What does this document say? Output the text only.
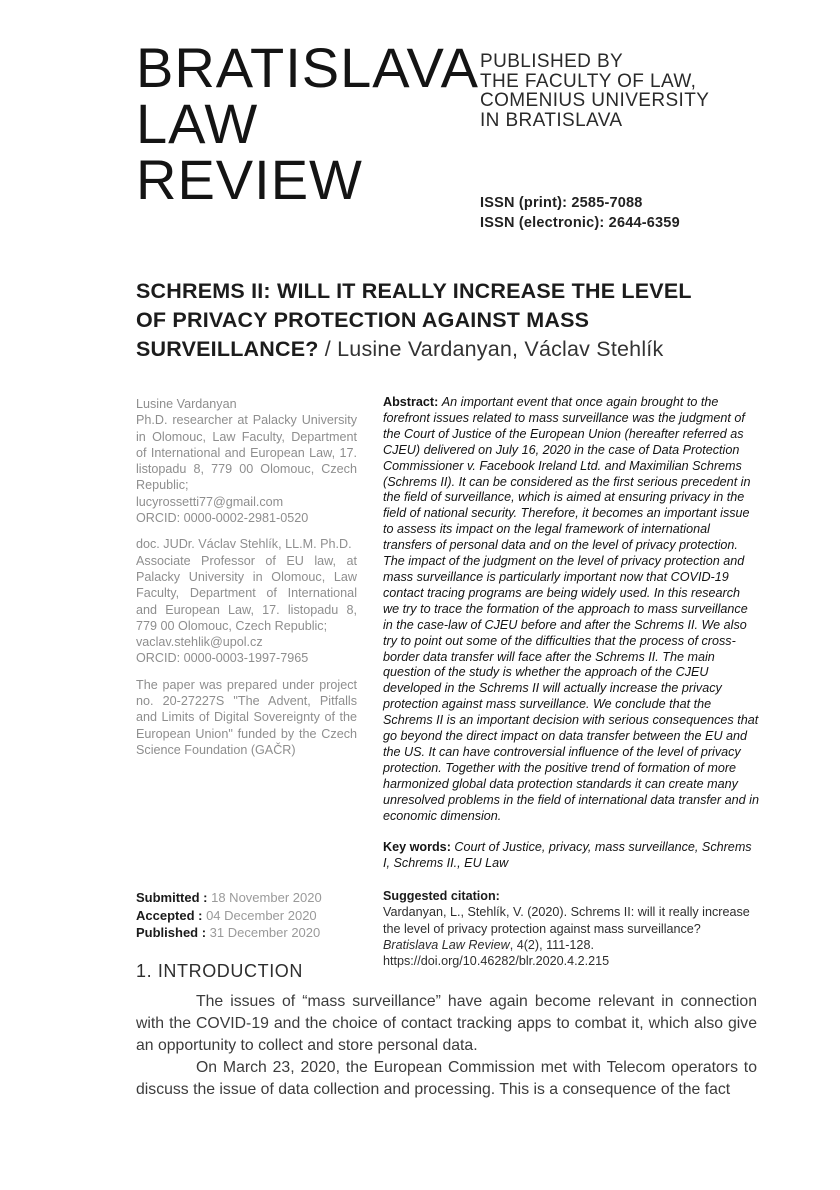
BRATISLAVA
LAW
REVIEW
PUBLISHED BY
THE FACULTY OF LAW,
COMENIUS UNIVERSITY
IN BRATISLAVA
ISSN (print): 2585-7088
ISSN (electronic): 2644-6359
SCHREMS II: WILL IT REALLY INCREASE THE LEVEL
OF PRIVACY PROTECTION AGAINST MASS
SURVEILLANCE? / Lusine Vardanyan, Václav Stehlík
Lusine Vardanyan
Ph.D. researcher at Palacky University in Olomouc, Law Faculty, Department of International and European Law, 17. listopadu 8, 779 00 Olomouc, Czech Republic;
lucyrossetti77@gmail.com
ORCID: 0000-0002-2981-0520
doc. JUDr. Václav Stehlík, LL.M. Ph.D.
Associate Professor of EU law, at Palacky University in Olomouc, Law Faculty, Department of International and European Law, 17. listopadu 8, 779 00 Olomouc, Czech Republic;
vaclav.stehlik@upol.cz
ORCID: 0000-0003-1997-7965
The paper was prepared under project no. 20-27227S "The Advent, Pitfalls and Limits of Digital Sovereignty of the European Union" funded by the Czech Science Foundation (GAČR)
Submitted : 18 November 2020
Accepted : 04 December 2020
Published : 31 December 2020

Abstract: An important event that once again brought to the forefront issues related to mass surveillance was the judgment of the Court of Justice of the European Union (hereafter referred as CJEU) delivered on July 16, 2020 in the case of Data Protection Commissioner v. Facebook Ireland Ltd. and Maximilian Schrems (Schrems II). It can be considered as the first serious precedent in the field of surveillance, which is aimed at ensuring privacy in the field of national security. Therefore, it becomes an important issue to assess its impact on the legal framework of international transfers of personal data and on the level of privacy protection. The impact of the judgment on the level of privacy protection and mass surveillance is particularly important now that COVID-19 contact tracing programs are being widely used. In this research we try to trace the formation of the approach to mass surveillance in the case-law of CJEU before and after the Schrems II. We also try to point out some of the difficulties that the process of cross-border data transfer will face after the Schrems II. The main question of the study is whether the approach of the CJEU developed in the Schrems II will actually increase the privacy protection against mass surveillance. We conclude that the Schrems II is an important decision with serious consequences that go beyond the direct impact on data transfer between the EU and the US. It can have controversial influence of the level of privacy protection. Together with the positive trend of formation of more harmonized global data protection standards it can create many unresolved problems in the field of international data transfer and in economic dimension.

Key words: Court of Justice, privacy, mass surveillance, Schrems I, Schrems II., EU Law

Suggested citation:
Vardanyan, L., Stehlík, V. (2020). Schrems II: will it really increase the level of privacy protection against mass surveillance? Bratislava Law Review, 4(2), 111-128.
https://doi.org/10.46282/blr.2020.4.2.215
1. INTRODUCTION

The issues of “mass surveillance” have again become relevant in connection with the COVID-19 and the choice of contact tracking apps to combat it, which also give an opportunity to collect and store personal data.

On March 23, 2020, the European Commission met with Telecom operators to discuss the issue of data collection and processing. This is a consequence of the fact
